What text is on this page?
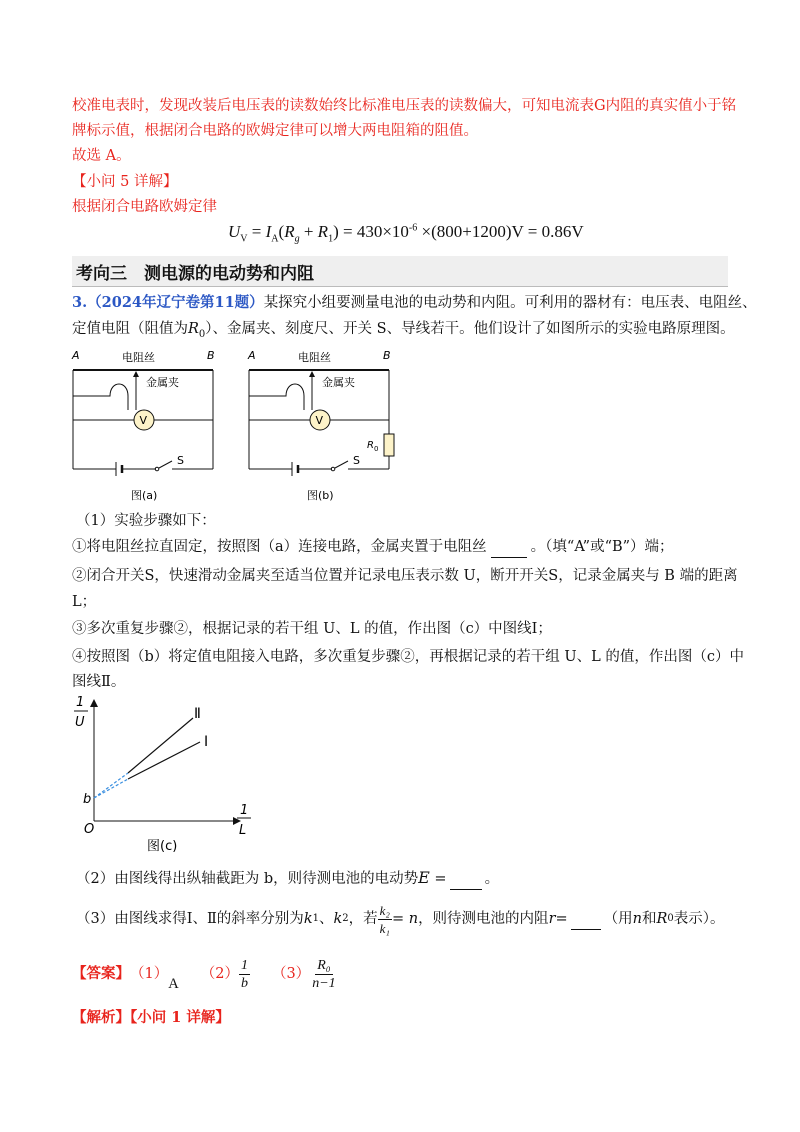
校准电表时，发现改装后电压表的读数始终比标准电压表的读数偏大，可知电流表G内阻的真实值小于铭
牌标示值，根据闭合电路的欧姆定律可以增大两电阻箱的阻值。
故选 A。
【小问 5 详解】
根据闭合电路欧姆定律
$U_V = I_A(R_g + R_1) = 430\times 10^{-6} \times(800+1200)V = 0.86V$
考向三　测电源的电动势和内阻
3.（2024年辽宁卷第11题）某探究小组要测量电池的电动势和内阻。可利用的器材有：电压表、电阻丝、
定值电阻（阻值为$R_0$）、金属夹、刻度尺、开关 S、导线若干。他们设计了如图所示的实验电路原理图。
A	B
电阻丝
V
金属夹
S
图(a)
A	B
电阻丝
R 0
V
金属夹
S
图(b)
（1）实验步骤如下：
①将电阻丝拉直固定，按照图（a）连接电路，金属夹置于电阻丝	。（填“A”或“B”）端；
②闭合开关S，快速滑动金属夹至适当位置并记录电压表示数 U，断开开关S，记录金属夹与 B 端的距离
L；
③多次重复步骤②，根据记录的若干组 U、L 的值，作出图（c）中图线Ⅰ；
④按照图（b）将定值电阻接入电路，多次重复步骤②，再根据记录的若干组 U、L 的值，作出图（c）中
图线Ⅱ。
1
U
1
L
O
b
Ⅱ
Ⅰ
图(c)
（2）由图线得出纵轴截距为 b，则待测电池的电动势E =	。
（3）由图线求得Ⅰ、Ⅱ的斜率分别为 k 1 、 k 2 ，若 $\frac{\text{k₂}}{\text{k₁}} = n$ ，则待测电池的内阻 r =
（用 n 和 R 0 表示）。
【答案】 （1）
A
$(2) \frac{1}{b} (3) \frac{\text{R₀}}{n-1}$
【解析】【小问 1 详解】
